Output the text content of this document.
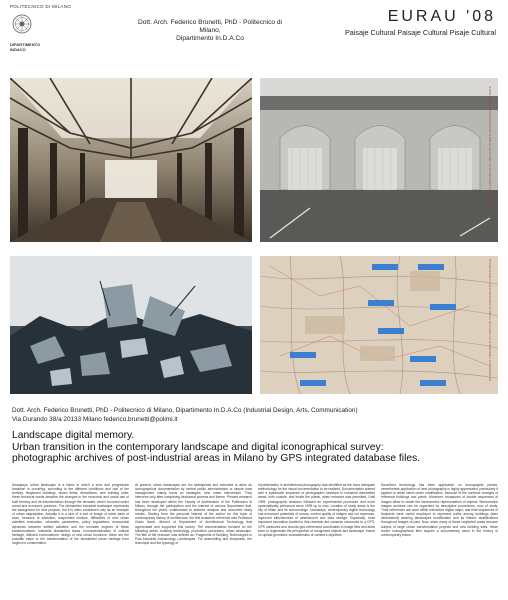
POLITECNICO DI MILANO
DIPARTIMENTO
INDACO
Dott. Arch. Federico Brunetti, PhD - Politecnico di Milano,
Dipartimento In.D.A.Co
EURAU '08
Paisaje Cultural Paisaje Cultural Pisaje Cultural
FOTOGRAFIA ORIGINALE DI ARCHITETTURA E ARCHEOLOGIA INDUSTRIALE
FOTOGRAFIA ORIGINALE DI ARCHITETTURA E ARCHEOLOGIA INDUSTRIALE
Dott. Arch. Federico Brunetti, PhD - Politecnico di Milano, Dipartimento In.D.A.Co (Industrial Design, Arts, Communication)
Via Durando 38/a 20133 Milano federico.brunetti@polimi.it
Landscape digital memory.
Urban transition in the contemporary landscape and digital iconographical survey:
photographic archives of post-industrial areas in Milano by GPS integrated database files.
Nowadays, urban landscape is a fabric in which a slow and progressive transition is occurring, according to the different conditions and use of the territory. Neglected buildings, brown fields, demolitions, new building units: these technical words describe the changes in the economic and social use of built territory and its transformation through the decades, which occurred under social and economic pressure. The dismantled industrial landscape represents the background for new projects, but it is often considered only as an example of urban degradation. Actually it is a clue of a sort of image of some parts of town, because of infarction, suspended choices, difficulties of new urban activities evaluation, urbanistic parameters, policy regulations, economical dynamics between settled activities and the innovate engines of these transformations. Industrial dismantled areas, monumentalization of cultural heritage, diffused ecomuseums: design of new urban functions; these are the possible steps or the transformation of the dismantled urban heritage from neglect to conservation.
At present, urban landscapes are too widespread and extended to allow an iconographical documentation by central public administration or simple local management mainly focus on strategies, new urban intervention. They intervene only after completing decisional process and theme. Present research has been developed within the Faculty of Architecture of the Politecnico di Milano, through the participation and the interest of various Department that, throughout the years, collaborated to address analysis and document study results. Starting from the personal interest of the author for this topic of contemporary history of architecture, the first academic reference was Professor Guido Nardi, director of Department of Architectural Technology that appreciated and supported this survey. The documentation focused on the following areas: building technology, production processes, urban landscape. The title of the research was defined as: Fragments of Building Technologies in Post-Industrial Archaeology Landscapes. For assembling and sharpness, the technique and the typology of
representation in architectural photography was identified as the more adequate methodology for the visual documentation to be realized. Documentation started with a systematic sequence of photographic sessions in industrial dismantled areas, both outside, and inside the plants, when entrance was permitted. Until 1995, photographic sessions followed an experimental procedure and more systematically performed since 1995 up to now. Location of study areas is the city of Milan and its surroundings. Nowadays, contemporary digital technology has enhanced potentials of survey, control quality of images and cut expenses, improved effectiveness of assessment and data storage. Especially, most important innovation located in this research are cameras connected to a GPS. GPS measures and records geo-referenced coordinates in image files and allow even to regenerate the perspective of recognized objects and landscape, based on optical-geometric characteristics of camera's objective.
Described technology has been application on iconographic planes, nevertheless application of land photography is highly appreciated, particularly if applied to urban fabric under modification, because of the continue changes of reference buildings and points. Moreover, recaptures of double sequences of images allow to obtain the stereometric representation of objects. Stereometric images archives can be organized by descriptive procedures, now of study. Their references are done within interactive digital maps, real time sequences of footprints were useful employed to represent paths among buildings (later demolished) wearing landscapes modification and its historic stratifications throughout images of past. Now, when many of these neglected areas become subject of large urban transformation projects and new building sites, these recent iconographical files acquire a documentary value in the history of contemporary towns.
